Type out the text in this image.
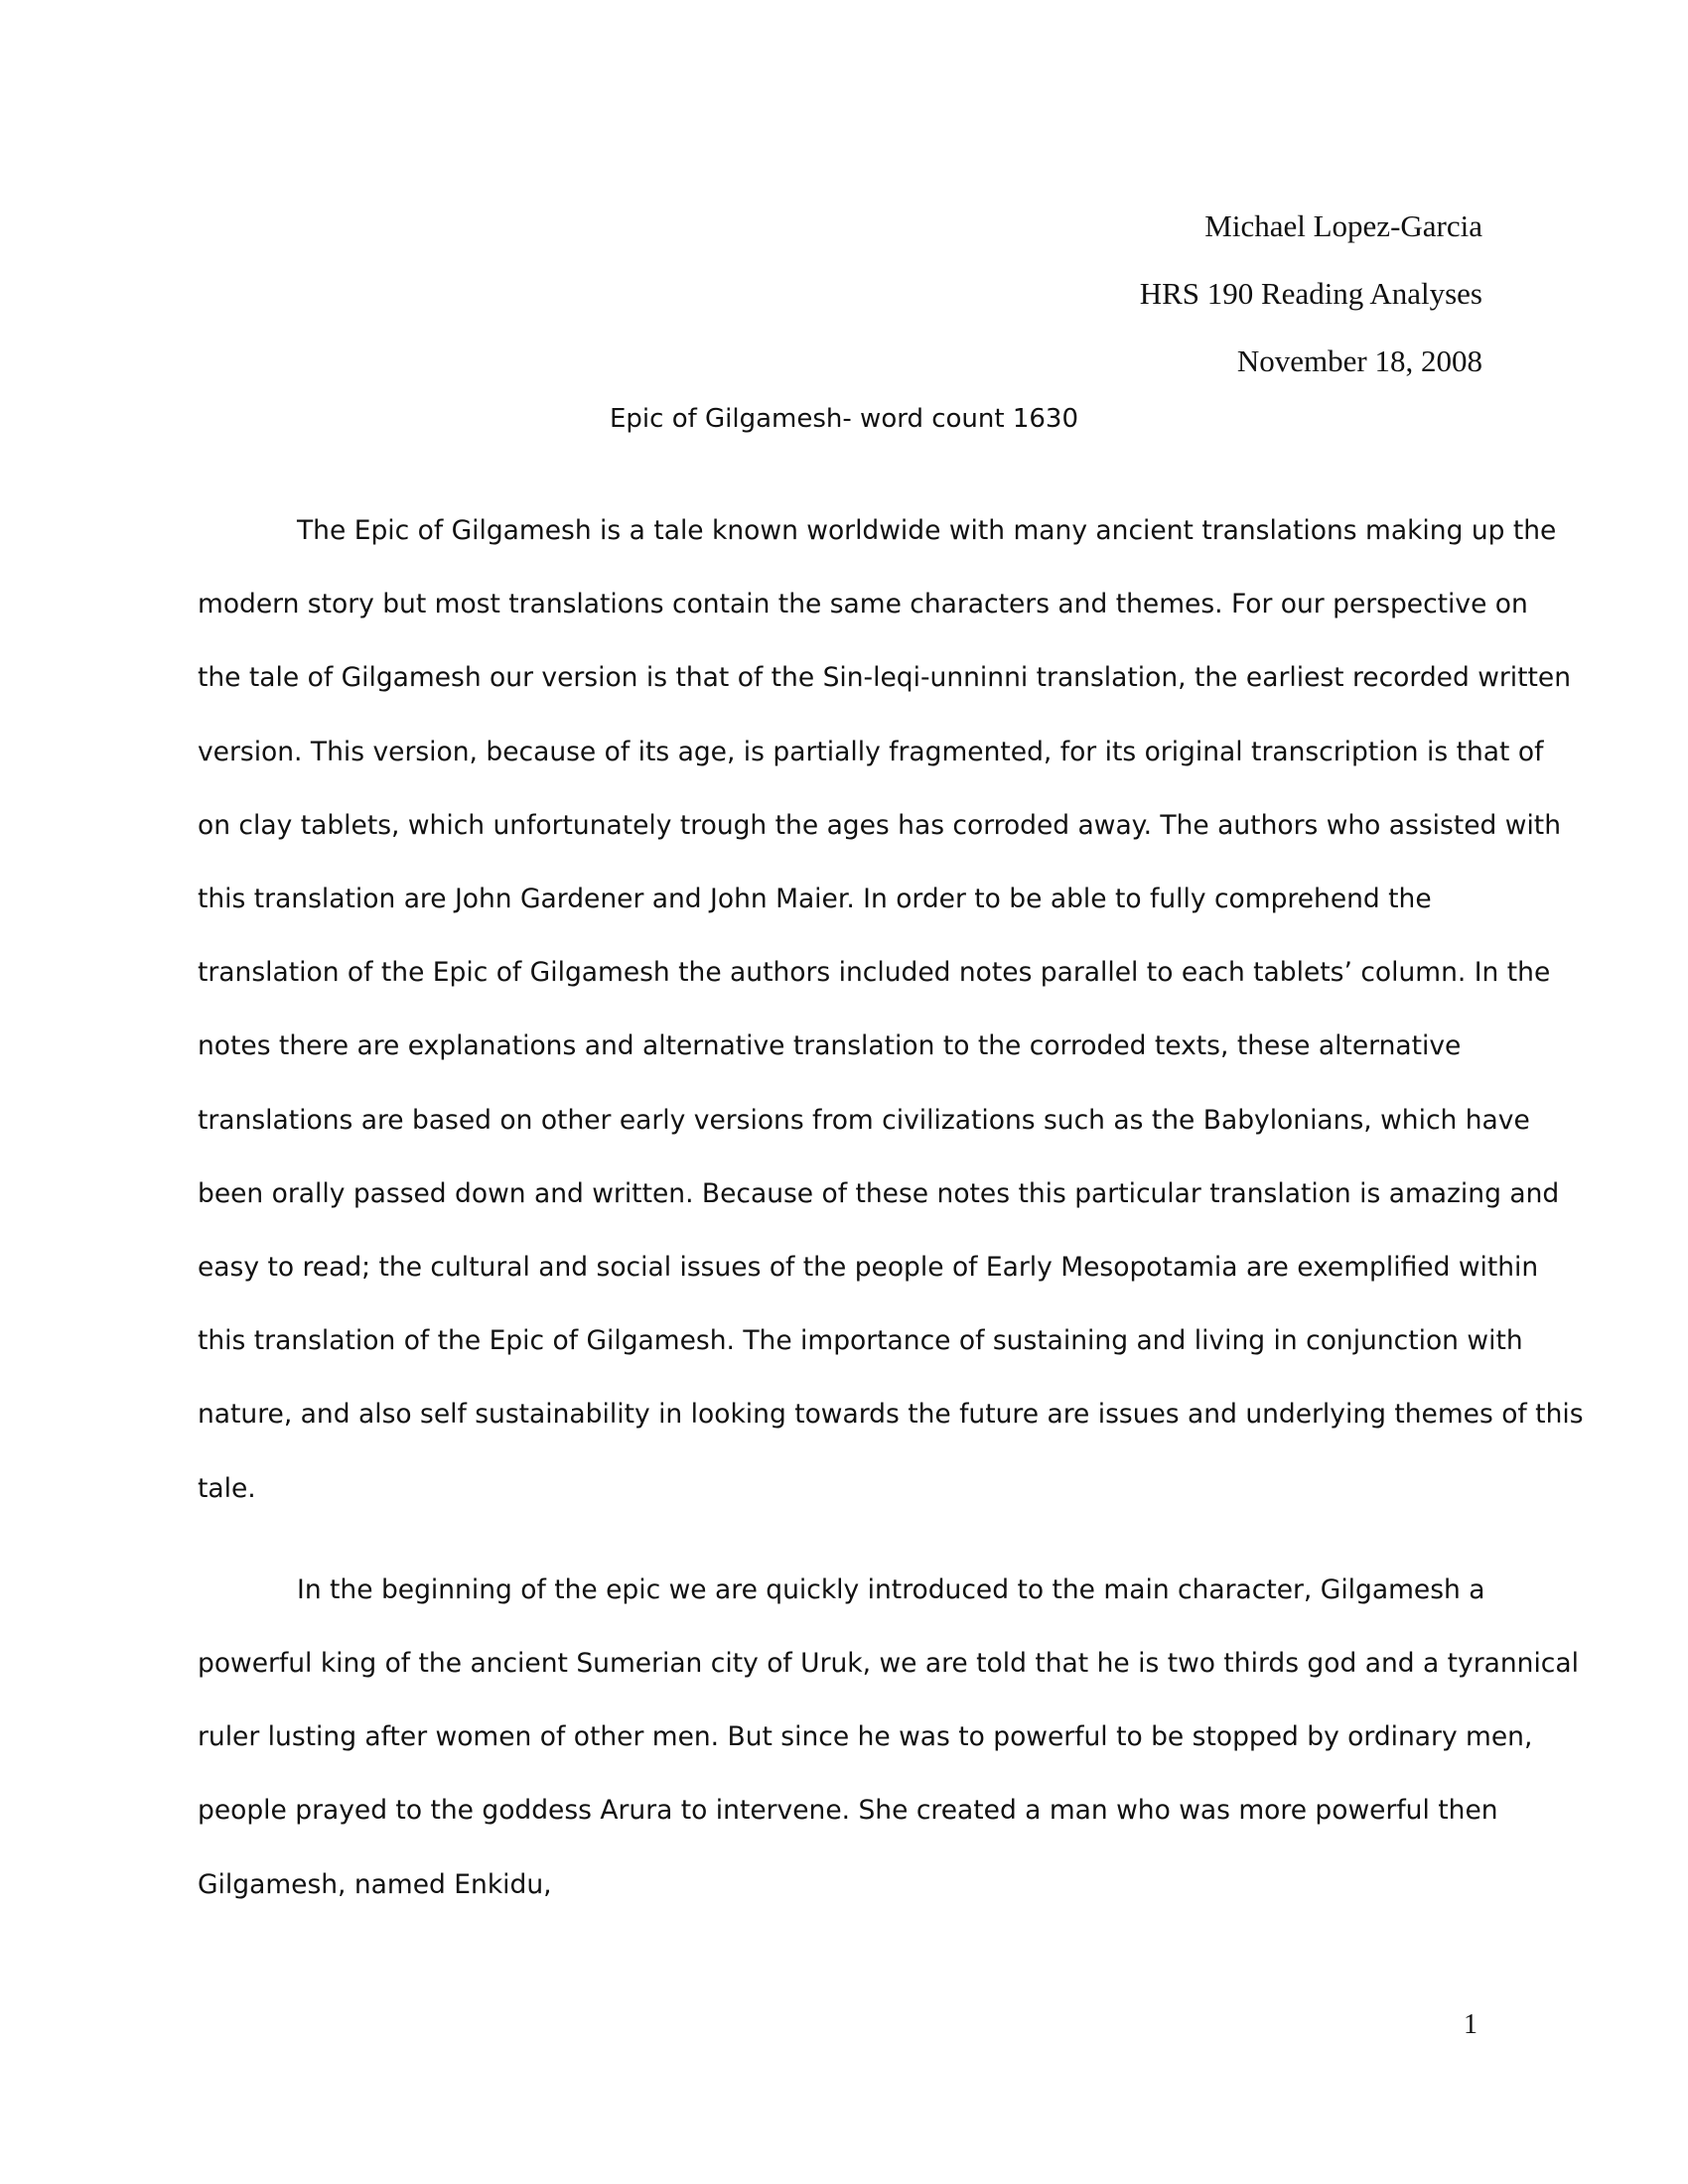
Michael Lopez-Garcia
HRS 190 Reading Analyses
November 18, 2008
Epic of Gilgamesh- word count 1630
The Epic of Gilgamesh is a tale known worldwide with many ancient translations making up the
modern story but most translations contain the same characters and themes. For our perspective on
the tale of Gilgamesh our version is that of the Sin-leqi-unninni translation, the earliest recorded written
version. This version, because of its age, is partially fragmented, for its original transcription is that of
on clay tablets, which unfortunately trough the ages has corroded away. The authors who assisted with
this translation are John Gardener and John Maier. In order to be able to fully comprehend the
translation of the Epic of Gilgamesh the authors included notes parallel to each tablets’ column. In the
notes there are explanations and alternative translation to the corroded texts, these alternative
translations are based on other early versions from civilizations such as the Babylonians, which have
been orally passed down and written. Because of these notes this particular translation is amazing and
easy to read; the cultural and social issues of the people of Early Mesopotamia are exemplified within
this translation of the Epic of Gilgamesh. The importance of sustaining and living in conjunction with
nature, and also self sustainability in looking towards the future are issues and underlying themes of this
tale.
In the beginning of the epic we are quickly introduced to the main character, Gilgamesh a
powerful king of the ancient Sumerian city of Uruk, we are told that he is two thirds god and a tyrannical
ruler lusting after women of other men. But since he was to powerful to be stopped by ordinary men,
people prayed to the goddess Arura to intervene. She created a man who was more powerful then
Gilgamesh, named Enkidu,
1
